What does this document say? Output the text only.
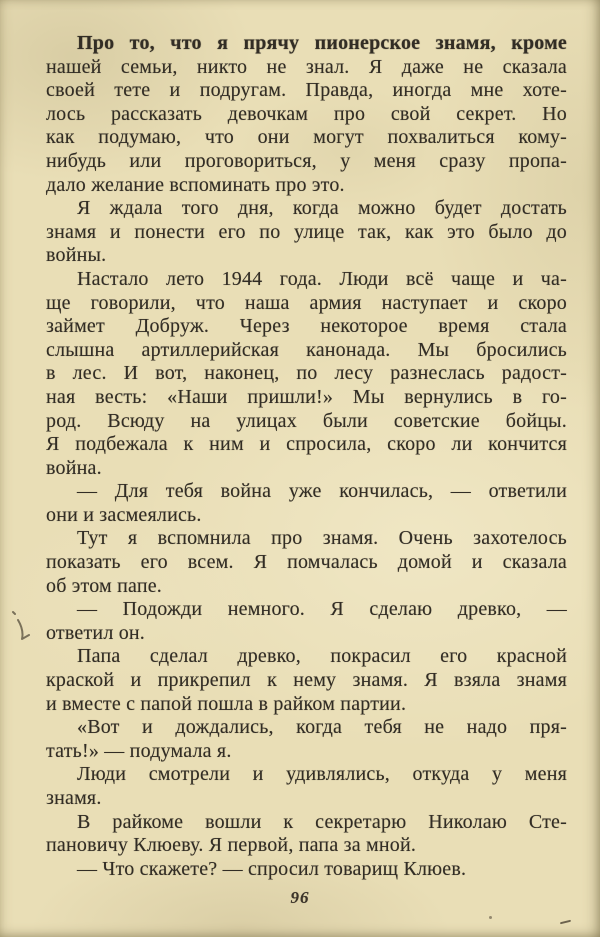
Про то, что я прячу пионерское знамя, кроме
нашей семьи, никто не знал. Я даже не сказала
своей тете и подругам. Правда, иногда мне хоте-
лось рассказать девочкам про свой секрет. Но
как подумаю, что они могут похвалиться кому-
нибудь или проговориться, у меня сразу пропа-
дало желание вспоминать про это.
Я ждала того дня, когда можно будет достать
знамя и понести его по улице так, как это было до
войны.
Настало лето 1944 года. Люди всё чаще и ча-
ще говорили, что наша армия наступает и скоро
займет Добруж. Через некоторое время стала
слышна артиллерийская канонада. Мы бросились
в лес. И вот, наконец, по лесу разнеслась радост-
ная весть: «Наши пришли!» Мы вернулись в го-
род. Всюду на улицах были советские бойцы.
Я подбежала к ним и спросила, скоро ли кончится
война.
— Для тебя война уже кончилась, — ответили
они и засмеялись.
Тут я вспомнила про знамя. Очень захотелось
показать его всем. Я помчалась домой и сказала
об этом папе.
— Подожди немного. Я сделаю древко, —
ответил он.
Папа сделал древко, покрасил его красной
краской и прикрепил к нему знамя. Я взяла знамя
и вместе с папой пошла в райком партии.
«Вот и дождались, когда тебя не надо пря-
тать!» — подумала я.
Люди смотрели и удивлялись, откуда у меня
знамя.
В райкоме вошли к секретарю Николаю Сте-
пановичу Клюеву. Я первой, папа за мной.
— Что скажете? — спросил товарищ Клюев.
96
